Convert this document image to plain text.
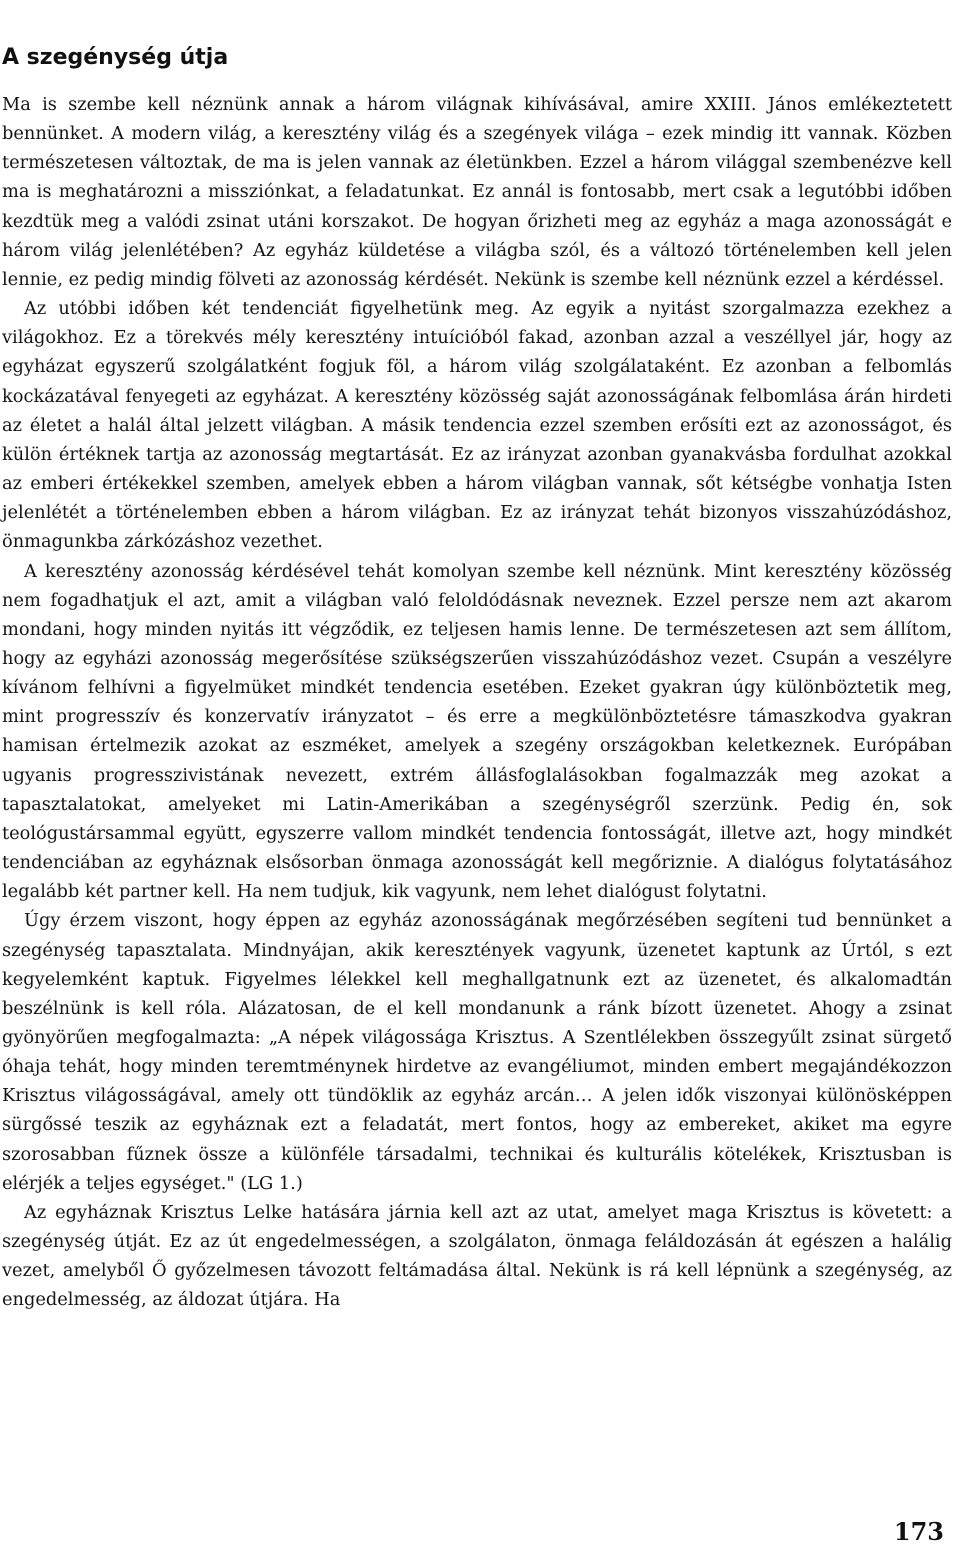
A szegénység útja

Ma is szembe kell néznünk annak a három világnak kihívásával, amire XXIII. János emlékeztetett bennünket. A modern világ, a keresztény világ és a szegények világa – ezek mindig itt vannak. Közben természetesen változtak, de ma is jelen vannak az életünkben. Ezzel a három világgal szembenézve kell ma is meghatározni a missziónkat, a feladatunkat. Ez annál is fontosabb, mert csak a legutóbbi időben kezdtük meg a valódi zsinat utáni korszakot. De hogyan őrizheti meg az egyház a maga azonosságát e három világ jelenlétében? Az egyház küldetése a világba szól, és a változó történelemben kell jelen lennie, ez pedig mindig fölveti az azonosság kérdését. Nekünk is szembe kell néznünk ezzel a kérdéssel.

Az utóbbi időben két tendenciát figyelhetünk meg. Az egyik a nyitást szorgalmazza ezekhez a világokhoz. Ez a törekvés mély keresztény intuícióból fakad, azonban azzal a veszéllyel jár, hogy az egyházat egyszerű szolgálatként fogjuk föl, a három világ szolgálataként. Ez azonban a felbomlás kockázatával fenyegeti az egyházat. A keresztény közösség saját azonosságának felbomlása árán hirdeti az életet a halál által jelzett világban. A másik tendencia ezzel szemben erősíti ezt az azonosságot, és külön értéknek tartja az azonosság megtartását. Ez az irányzat azonban gyanakvásba fordulhat azokkal az emberi értékekkel szemben, amelyek ebben a három világban vannak, sőt kétségbe vonhatja Isten jelenlétét a történelemben ebben a három világban. Ez az irányzat tehát bizonyos visszahúzódáshoz, önmagunkba zárkózáshoz vezethet.

A keresztény azonosság kérdésével tehát komolyan szembe kell néznünk. Mint keresztény közösség nem fogadhatjuk el azt, amit a világban való feloldódásnak neveznek. Ezzel persze nem azt akarom mondani, hogy minden nyitás itt végződik, ez teljesen hamis lenne. De természetesen azt sem állítom, hogy az egyházi azonosság megerősítése szükségszerűen visszahúzódáshoz vezet. Csupán a veszélyre kívánom felhívni a figyelmüket mindkét tendencia esetében. Ezeket gyakran úgy különböztetik meg, mint progresszív és konzervatív irányzatot – és erre a megkülönböztetésre támaszkodva gyakran hamisan értelmezik azokat az eszméket, amelyek a szegény országokban keletkeznek. Európában ugyanis progresszivistának nevezett, extrém állásfoglalásokban fogalmazzák meg azokat a tapasztalatokat, amelyeket mi Latin-Amerikában a szegénységről szerzünk. Pedig én, sok teológustársammal együtt, egyszerre vallom mindkét tendencia fontosságát, illetve azt, hogy mindkét tendenciában az egyháznak elsősorban önmaga azonosságát kell megőriznie. A dialógus folytatásához legalább két partner kell. Ha nem tudjuk, kik vagyunk, nem lehet dialógust folytatni.

Úgy érzem viszont, hogy éppen az egyház azonosságának megőrzésében segíteni tud bennünket a szegénység tapasztalata. Mindnyájan, akik keresztények vagyunk, üzenetet kaptunk az Úrtól, s ezt kegyelemként kaptuk. Figyelmes lélekkel kell meghallgatnunk ezt az üzenetet, és alkalomadtán beszélnünk is kell róla. Alázatosan, de el kell mondanunk a ránk bízott üzenetet. Ahogy a zsinat gyönyörűen megfogalmazta: „A népek világossága Krisztus. A Szentlélekben összegyűlt zsinat sürgető óhaja tehát, hogy minden teremtménynek hirdetve az evangéliumot, minden embert megajándékozzon Krisztus világosságával, amely ott tündöklik az egyház arcán… A jelen idők viszonyai különösképpen sürgőssé teszik az egyháznak ezt a feladatát, mert fontos, hogy az embereket, akiket ma egyre szorosabban fűznek össze a különféle társadalmi, technikai és kulturális kötelékek, Krisztusban is elérjék a teljes egységet." (LG 1.)

Az egyháznak Krisztus Lelke hatására járnia kell azt az utat, amelyet maga Krisztus is követett: a szegénység útját. Ez az út engedelmességen, a szolgálaton, önmaga feláldozásán át egészen a halálig vezet, amelyből Ő győzelmesen távozott feltámadása által. Nekünk is rá kell lépnünk a szegénység, az engedelmesség, az áldozat útjára. Ha

173
